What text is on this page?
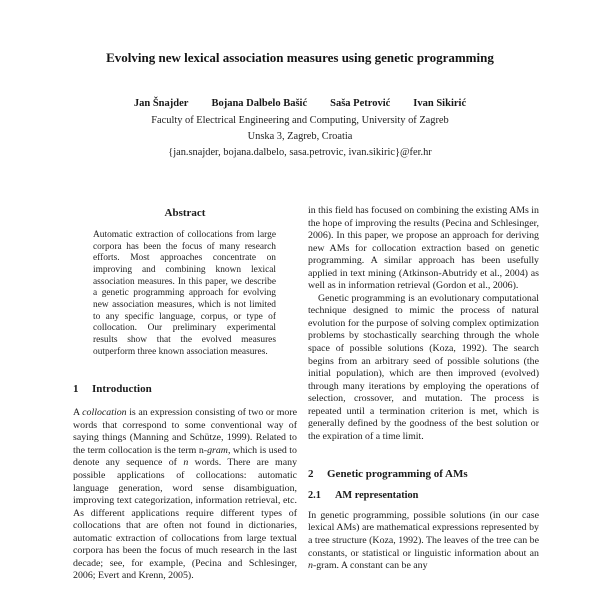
Evolving new lexical association measures using genetic programming
Jan Šnajder Bojana Dalbelo Bašić Saša Petrović Ivan Sikirić
Faculty of Electrical Engineering and Computing, University of Zagreb
Unska 3, Zagreb, Croatia
{jan.snajder, bojana.dalbelo, sasa.petrovic, ivan.sikiric}@fer.hr
Abstract

Automatic extraction of collocations from large corpora has been the focus of many research efforts. Most approaches concentrate on improving and combining known lexical association measures. In this paper, we describe a genetic programming approach for evolving new association measures, which is not limited to any specific language, corpus, or type of collocation. Our preliminary experimental results show that the evolved measures outperform three known association measures.

1	Introduction

A collocation is an expression consisting of two or more words that correspond to some conventional way of saying things (Manning and Schütze, 1999). Related to the term collocation is the term n-gram, which is used to denote any sequence of n words. There are many possible applications of collocations: automatic language generation, word sense disambiguation, improving text categorization, information retrieval, etc. As different applications require different types of collocations that are often not found in dictionaries, automatic extraction of collocations from large textual corpora has been the focus of much research in the last decade; see, for example, (Pecina and Schlesinger, 2006; Evert and Krenn, 2005).

in this field has focused on combining the existing AMs in the hope of improving the results (Pecina and Schlesinger, 2006). In this paper, we propose an approach for deriving new AMs for collocation extraction based on genetic programming. A similar approach has been usefully applied in text mining (Atkinson-Abutridy et al., 2004) as well as in information retrieval (Gordon et al., 2006).

Genetic programming is an evolutionary computational technique designed to mimic the process of natural evolution for the purpose of solving complex optimization problems by stochastically searching through the whole space of possible solutions (Koza, 1992). The search begins from an arbitrary seed of possible solutions (the initial population), which are then improved (evolved) through many iterations by employing the operations of selection, crossover, and mutation. The process is repeated until a termination criterion is met, which is generally defined by the goodness of the best solution or the expiration of a time limit.

2	Genetic programming of AMs
2.1	AM representation

In genetic programming, possible solutions (in our case lexical AMs) are mathematical expressions represented by a tree structure (Koza, 1992). The leaves of the tree can be constants, or statistical or linguistic information about an n-gram. A constant can be any
